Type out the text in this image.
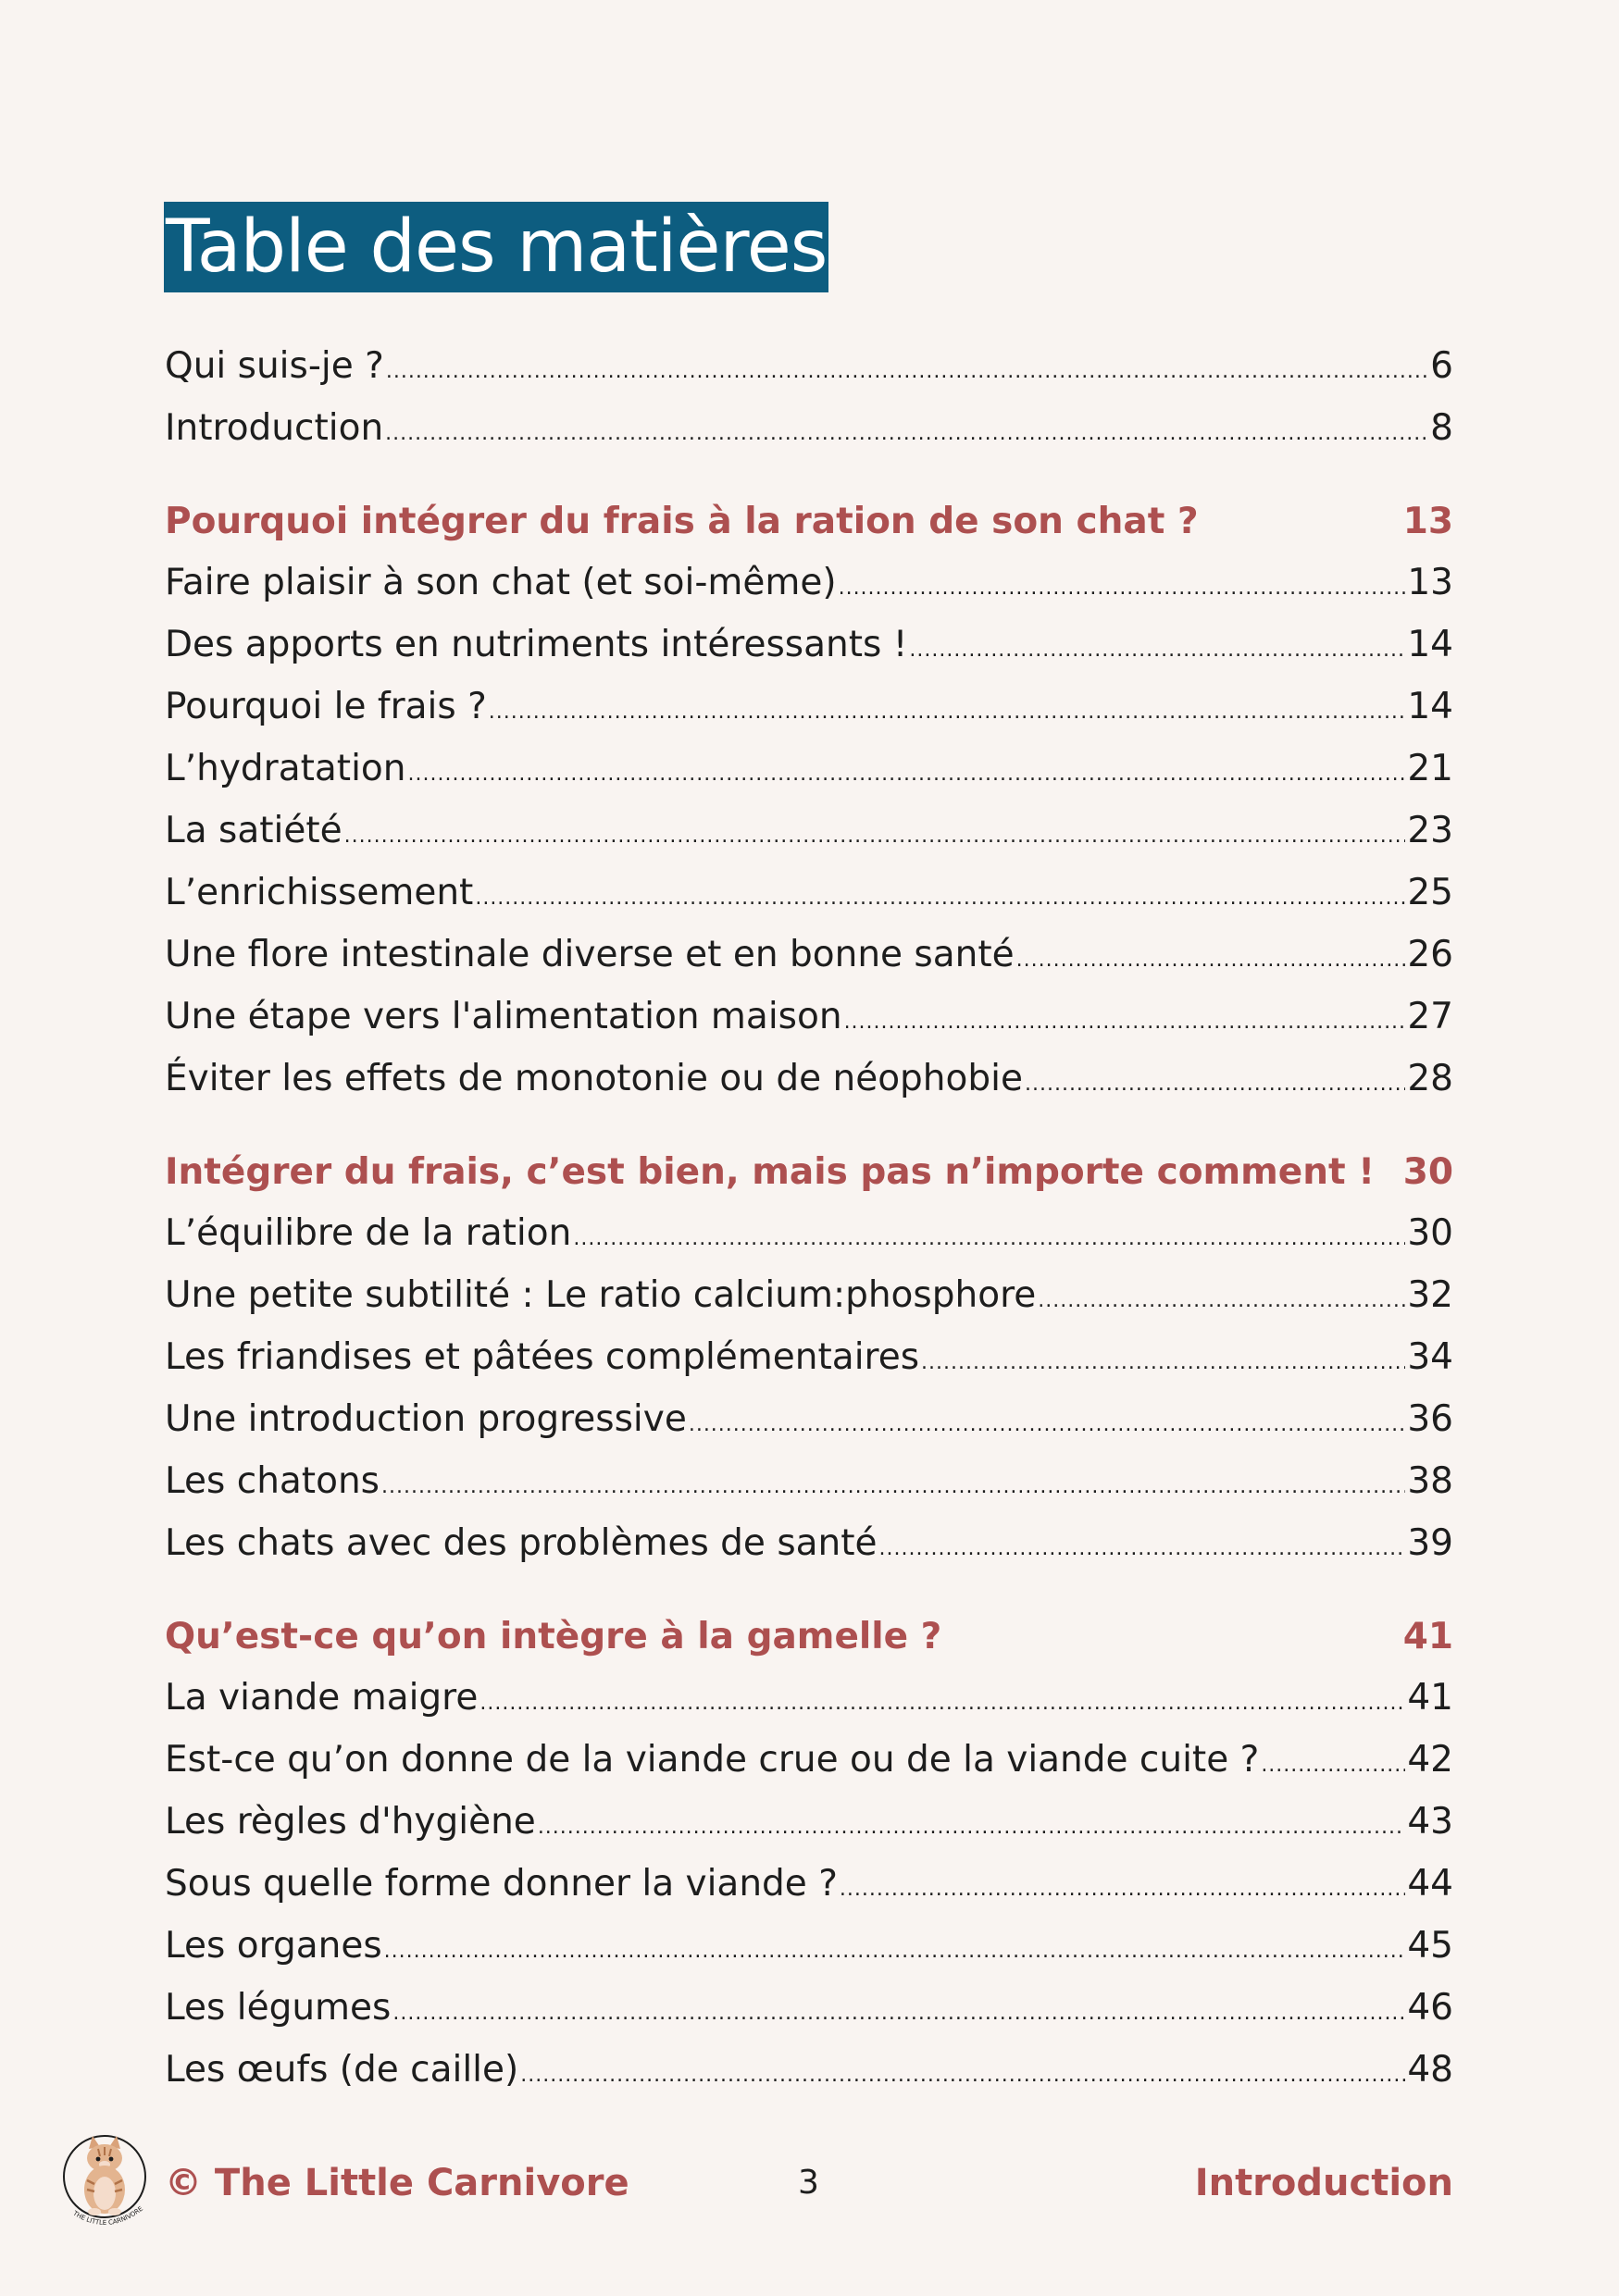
Table des matières
Qui suis-je ? .....	6
Introduction .....	8
Pourquoi intégrer du frais à la ration de son chat ?	13
Faire plaisir à son chat (et soi-même) .....	13
Des apports en nutriments intéressants ! .....	14
Pourquoi le frais ? .....	14
L’hydratation .....	21
La satiété .....	23
L’enrichissement .....	25
Une flore intestinale diverse et en bonne santé .....	26
Une étape vers l'alimentation maison .....	27
Éviter les effets de monotonie ou de néophobie .....	28
Intégrer du frais, c’est bien, mais pas n’importe comment ! 30
L’équilibre de la ration .....	30
Une petite subtilité : Le ratio calcium:phosphore .....	32
Les friandises et pâtées complémentaires .....	34
Une introduction progressive .....	36
Les chatons .....	38
Les chats avec des problèmes de santé .....	39
Qu’est-ce qu’on intègre à la gamelle ?	41
La viande maigre .....	41
Est-ce qu’on donne de la viande crue ou de la viande cuite ? .....	42
Les règles d'hygiène .....	43
Sous quelle forme donner la viande ? .....	44
Les organes .....	45
Les légumes .....	46
Les œufs (de caille) .....	48
THE LITTLE CARNIVORE
© The Little Carnivore	3	Introduction
